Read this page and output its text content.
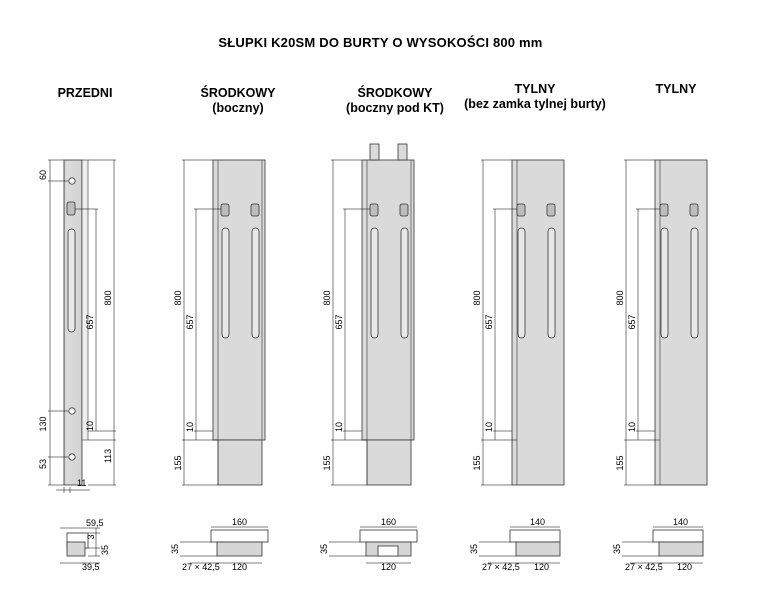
SŁUPKI K20SM DO BURTY O WYSOKOŚCI 800 mm
PRZEDNI	ŚRODKOWY
(boczny)
ŚRODKOWY
(boczny pod KT)
TYLNY
(bez zamka tylnej burty)
TYLNY
60
130
53
800
657
10
113
11
59,5
3
35
39,5
800
657
10
155
160
35
27 × 42,5 120
800
657
10
155
160
35
120
800
657
10
155
140
35
27 × 42,5 120
800
657
10
155
140
35
27 × 42,5 120
